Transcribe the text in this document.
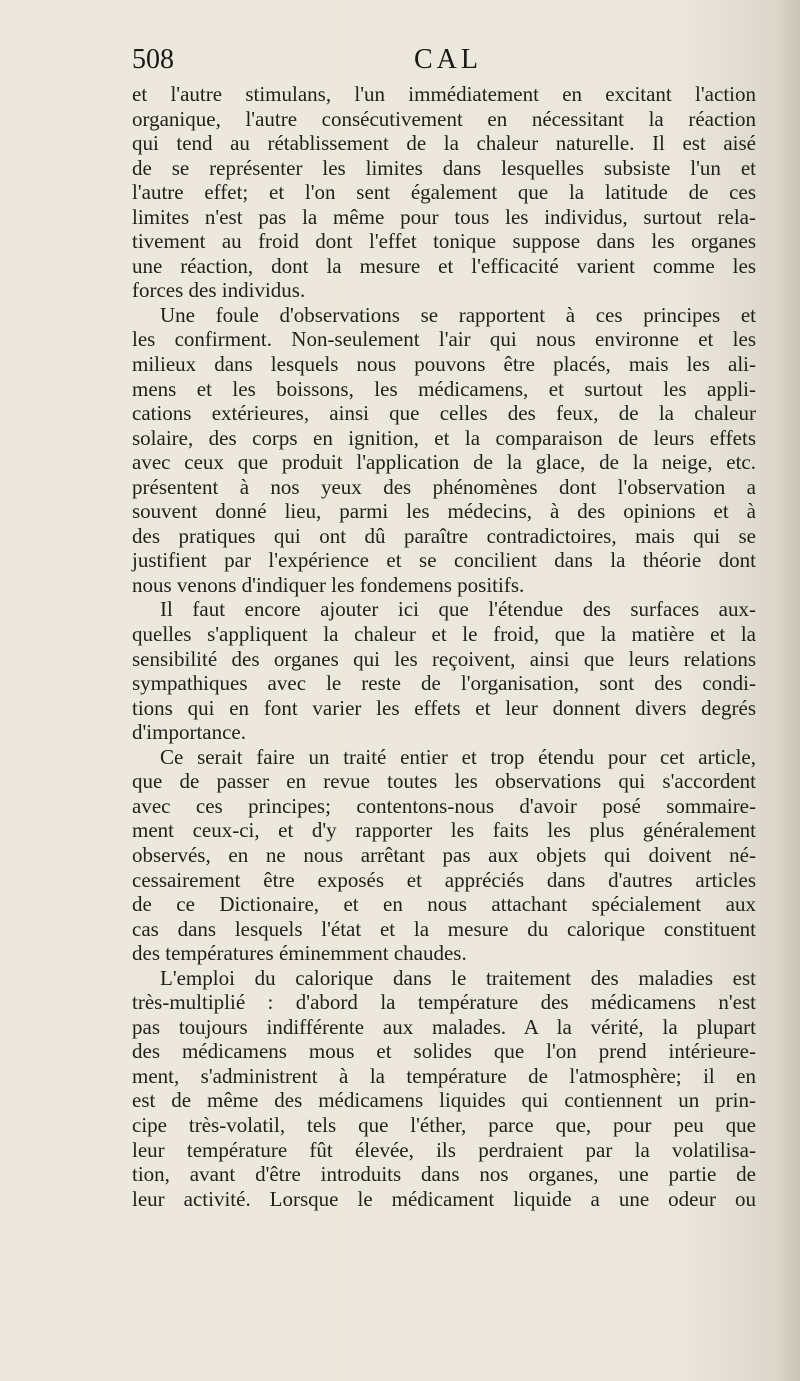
508	CAL
et l'autre stimulans, l'un immédiatement en excitant l'action
organique, l'autre consécutivement en nécessitant la réaction
qui tend au rétablissement de la chaleur naturelle. Il est aisé
de se représenter les limites dans lesquelles subsiste l'un et
l'autre effet; et l'on sent également que la latitude de ces
limites n'est pas la même pour tous les individus, surtout rela-
tivement au froid dont l'effet tonique suppose dans les organes
une réaction, dont la mesure et l'efficacité varient comme les
forces des individus.
Une foule d'observations se rapportent à ces principes et
les confirment. Non-seulement l'air qui nous environne et les
milieux dans lesquels nous pouvons être placés, mais les ali-
mens et les boissons, les médicamens, et surtout les appli-
cations extérieures, ainsi que celles des feux, de la chaleur
solaire, des corps en ignition, et la comparaison de leurs effets
avec ceux que produit l'application de la glace, de la neige, etc.
présentent à nos yeux des phénomènes dont l'observation a
souvent donné lieu, parmi les médecins, à des opinions et à
des pratiques qui ont dû paraître contradictoires, mais qui se
justifient par l'expérience et se concilient dans la théorie dont
nous venons d'indiquer les fondemens positifs.
Il faut encore ajouter ici que l'étendue des surfaces aux-
quelles s'appliquent la chaleur et le froid, que la matière et la
sensibilité des organes qui les reçoivent, ainsi que leurs relations
sympathiques avec le reste de l'organisation, sont des condi-
tions qui en font varier les effets et leur donnent divers degrés
d'importance.
Ce serait faire un traité entier et trop étendu pour cet article,
que de passer en revue toutes les observations qui s'accordent
avec ces principes; contentons-nous d'avoir posé sommaire-
ment ceux-ci, et d'y rapporter les faits les plus généralement
observés, en ne nous arrêtant pas aux objets qui doivent né-
cessairement être exposés et appréciés dans d'autres articles
de ce Dictionaire, et en nous attachant spécialement aux
cas dans lesquels l'état et la mesure du calorique constituent
des températures éminemment chaudes.
L'emploi du calorique dans le traitement des maladies est
très-multiplié : d'abord la température des médicamens n'est
pas toujours indifférente aux malades. A la vérité, la plupart
des médicamens mous et solides que l'on prend intérieure-
ment, s'administrent à la température de l'atmosphère; il en
est de même des médicamens liquides qui contiennent un prin-
cipe très-volatil, tels que l'éther, parce que, pour peu que
leur température fût élevée, ils perdraient par la volatilisa-
tion, avant d'être introduits dans nos organes, une partie de
leur activité. Lorsque le médicament liquide a une odeur ou
